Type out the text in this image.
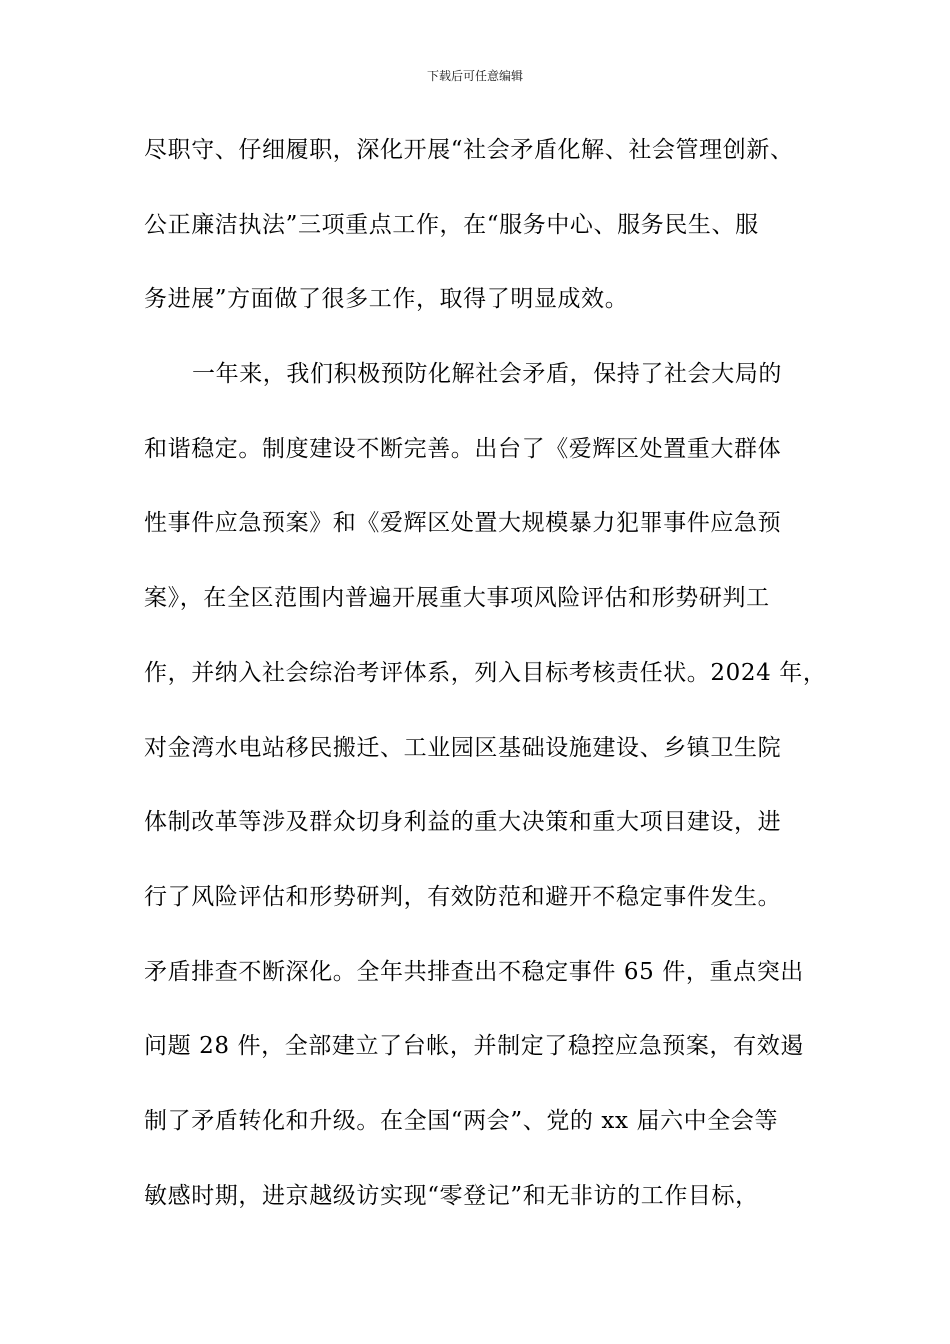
下载后可任意编辑
尽职守、仔细履职，深化开展“社会矛盾化解、社会管理创新、
公正廉洁执法”三项重点工作，在“服务中心、服务民生、服
务进展”方面做了很多工作，取得了明显成效。
一年来，我们积极预防化解社会矛盾，保持了社会大局的
和谐稳定。制度建设不断完善。出台了《爱辉区处置重大群体
性事件应急预案》和《爱辉区处置大规模暴力犯罪事件应急预
案》，在全区范围内普遍开展重大事项风险评估和形势研判工
作，并纳入社会综治考评体系，列入目标考核责任状。2024 年，
对金湾水电站移民搬迁、工业园区基础设施建设、乡镇卫生院
体制改革等涉及群众切身利益的重大决策和重大项目建设，进
行了风险评估和形势研判，有效防范和避开不稳定事件发生。
矛盾排查不断深化。全年共排查出不稳定事件 65 件，重点突出
问题 28 件，全部建立了台帐，并制定了稳控应急预案，有效遏
制了矛盾转化和升级。在全国“两会”、党的 xx 届六中全会等
敏感时期，进京越级访实现“零登记”和无非访的工作目标，
